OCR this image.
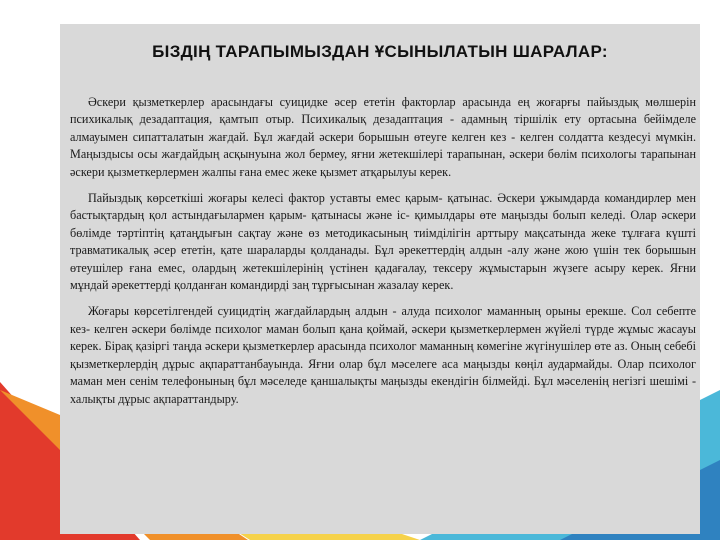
БІЗДІҢ ТАРАПЫМЫЗДАН ҰСЫНЫЛАТЫН ШАРАЛАР:

Әскери қызметкерлер арасындағы суицидке әсер ететін факторлар арасында ең жоғарғы пайыздық мөлшерін психикалық дезадаптация, қамтып отыр. Психикалық дезадаптация - адамның тіршілік ету ортасына бейімделе алмауымен сипатталатын жағдай. Бұл жағдай әскери борышын өтеуге келген кез - келген солдатта кездесуі мүмкін. Маңыздысы осы жағдайдың асқынуына жол бермеу, яғни жетекшілері тарапынан, әскери бөлім психологы тарапынан әскери қызметкерлермен жалпы ғана емес жеке қызмет атқарылуы керек.

Пайыздық көрсеткіші жоғары келесі фактор уставты емес қарым- қатынас. Әскери ұжымдарда командирлер мен бастықтардың қол астындағылармен қарым- қатынасы және іс- қимылдары өте маңызды болып келеді. Олар әскери бөлімде тәртіптің қатаңдығын сақтау және өз методикасының тиімділігін арттыру мақсатында жеке тұлғаға күшті травматикалық әсер ететін, қате шараларды қолданады. Бұл әрекеттердің алдын -алу және жою үшін тек борышын өтеушілер ғана емес, олардың жетекшілерінің үстінен қадағалау, тексеру жұмыстарын жүзеге асыру керек. Яғни мұндай әрекеттерді қолданған командирді заң тұрғысынан жазалау керек.

Жоғары көрсетілгендей суицидтің жағдайлардың алдын - алуда психолог маманның орыны ерекше. Сол себепте кез- келген әскери бөлімде психолог маман болып қана қоймай, әскери қызметкерлермен жүйелі түрде жұмыс жасауы керек. Бірақ қазіргі таңда әскери қызметкерлер арасында психолог маманның көмегіне жүгінушілер өте аз. Оның себебі қызметкерлердің дұрыс ақпараттанбауында. Яғни олар бұл мәселеге аса маңызды көңіл аудармайды. Олар психолог маман мен сенім телефонының бұл мәселеде қаншалықты маңызды екендігін білмейді. Бұл мәселенің негізгі шешімі - халықты дұрыс ақпараттандыру.
